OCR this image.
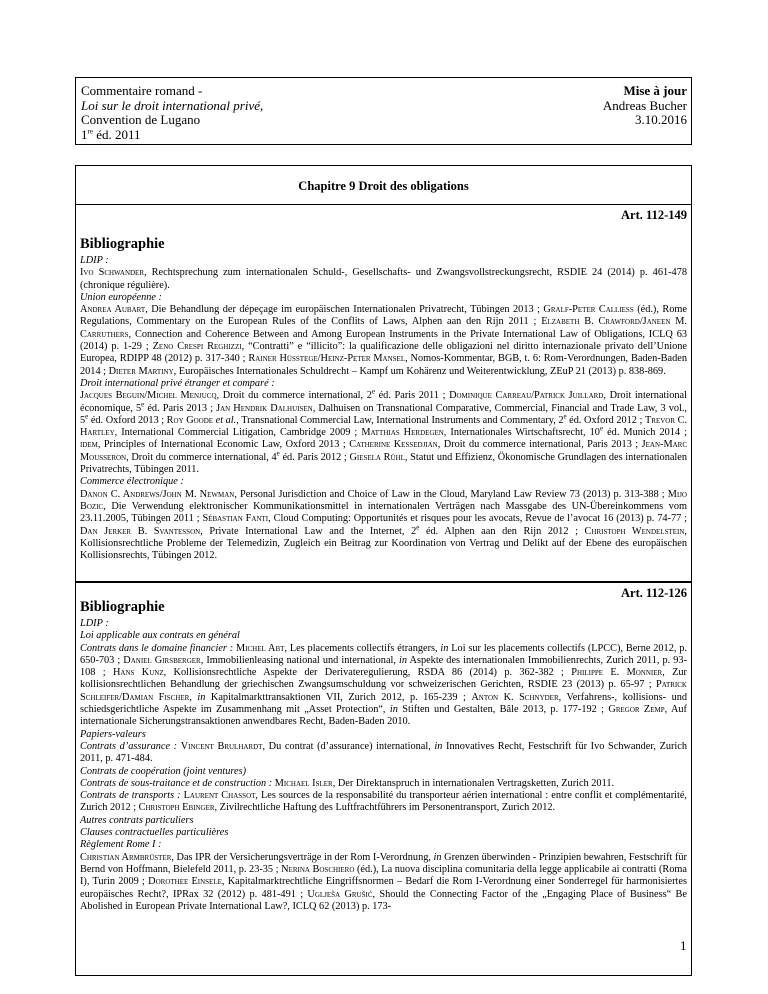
Commentaire romand -
Loi sur le droit international privé,
Convention de Lugano
1re éd. 2011
Mise à jour
Andreas Bucher
3.10.2016
Chapitre 9 Droit des obligations
Art. 112-149
Bibliographie

LDIP :

Ivo Schwander, Rechtsprechung zum internationalen Schuld-, Gesellschafts- und Zwangsvollstreckungsrecht, RSDIE 24 (2014) p. 461-478 (chronique régulière).

Union européenne :

Andrea Aubart, Die Behandlung der dépeçage im europäischen Internationalen Privatrecht, Tübingen 2013 ; Gralf-Peter Calliess (éd.), Rome Regulations, Commentary on the European Rules of the Conflits of Laws, Alphen aan den Rijn 2011 ; Elzabeth B. Crawford/Janeen M. Carruthers, Connection and Coherence Between and Among European Instruments in the Private International Law of Obligations, ICLQ 63 (2014) p. 1-29 ; Zeno Crespi Reghizzi, “Contratti” e “illicito”: la qualificazione delle obligazioni nel diritto internazionale privato dell’Unione Europea, RDIPP 48 (2012) p. 317-340 ; Rainer Hüsstege/Heinz-Peter Mansel, Nomos-Kommentar, BGB, t. 6: Rom-Verordnungen, Baden-Baden 2014 ; Dieter Martiny, Europäisches Internationales Schuldrecht – Kampf um Kohärenz und Weiterentwicklung, ZEuP 21 (2013) p. 838-869.

Droit international privé étranger et comparé :

Jacques Beguin/Michel Menjucq, Droit du commerce international, 2e éd. Paris 2011 ; Dominique Carreau/Patrick Juillard, Droit international économique, 5e éd. Paris 2013 ; Jan Hendrik Dalhuisen, Dalhuisen on Transnational Comparative, Commercial, Financial and Trade Law, 3 vol., 5e éd. Oxford 2013 ; Roy Goode et al., Transnational Commercial Law, International Instruments and Commentary, 2e éd. Oxford 2012 ; Trevor C. Hartley, International Commercial Litigation, Cambridge 2009 ; Matthias Herdegen, Internationales Wirtschaftsrecht, 10e éd. Munich 2014 ; idem, Principles of International Economic Law, Oxford 2013 ; Catherine Kessedjian, Droit du commerce international, Paris 2013 ; Jean-Marc Mousseron, Droit du commerce international, 4e éd. Paris 2012 ; Giesela Rühl, Statut und Effizienz, Ökonomische Grundlagen des internationalen Privatrechts, Tübingen 2011.

Commerce électronique :

Danon C. Andrews/John M. Newman, Personal Jurisdiction and Choice of Law in the Cloud, Maryland Law Review 73 (2013) p. 313-388 ; Mijo Bozic, Die Verwendung elektronischer Kommunikationsmittel in internationalen Verträgen nach Massgabe des UN-Übereinkommens vom 23.11.2005, Tübingen 2011 ; Sébastian Fanti, Cloud Computing: Opportunités et risques pour les avocats, Revue de l’avocat 16 (2013) p. 74-77 ; Dan Jerker B. Svantesson, Private International Law and the Internet, 2e éd. Alphen aan den Rijn 2012 ; Christoph Wendelstein, Kollisionsrechtliche Probleme der Telemedizin, Zugleich ein Beitrag zur Koordination von Vertrag und Delikt auf der Ebene des europäischen Kollisionsrechts, Tübingen 2012.

Art. 112-126
Bibliographie

LDIP :

Loi applicable aux contrats en général

Contrats dans le domaine financier : Michel Abt, Les placements collectifs étrangers, in Loi sur les placements collectifs (LPCC), Berne 2012, p. 650-703 ; Daniel Girsberger, Immobilienleasing national und international, in Aspekte des internationalen Immobilienrechts, Zurich 2011, p. 93-108 ; Hans Kunz, Kollisionsrechtliche Aspekte der Derivateregulierung, RSDA 86 (2014) p. 362-382 ; Philippe E. Monnier, Zur kollisionsrechtlichen Behandlung der griechischen Zwangsumschuldung vor schweizerischen Gerichten, RSDIE 23 (2013) p. 65-97 ; Patrick Schleifer/Damian Fischer, in Kapitalmarkttransaktionen VII, Zurich 2012, p. 165-239 ; Anton K. Schnyder, Verfahrens-, kollisions- und schiedsgerichtliche Aspekte im Zusammenhang mit „Asset Protection“, in Stiften und Gestalten, Bâle 2013, p. 177-192 ; Gregor Zemp, Auf internationale Sicherungstransaktionen anwendbares Recht, Baden-Baden 2010.

Papiers-valeurs

Contrats d’assurance : Vincent Brulhardt, Du contrat (d’assurance) international, in Innovatives Recht, Festschrift für Ivo Schwander, Zurich 2011, p. 471-484.

Contrats de coopération (joint ventures)

Contrats de sous-traitance et de construction : Michael Isler, Der Direktanspruch in internationalen Vertragsketten, Zurich 2011.

Contrats de transports : Laurent Chassot, Les sources de la responsabilité du transporteur aérien international : entre conflit et complémentarité, Zurich 2012 ; Christoph Ebinger, Zivilrechtliche Haftung des Luftfrachtführers im Personentransport, Zurich 2012.

Autres contrats particuliers

Clauses contractuelles particulières

Règlement Rome I :

Christian Armbrüster, Das IPR der Versicherungsverträge in der Rom I-Verordnung, in Grenzen überwinden - Prinzipien bewahren, Festschrift für Bernd von Hoffmann, Bielefeld 2011, p. 23-35 ; Nerina Boschiero (éd.), La nuova disciplina comunitaria della legge applicabile ai contratti (Roma I), Turin 2009 ; Dorothee Einsele, Kapitalmarktrechtliche Eingriffsnormen – Bedarf die Rom I-Verordnung einer Sonderregel für harmonisiertes europäisches Recht?, IPRax 32 (2012) p. 481-491 ; Uglješa Grušić, Should the Connecting Factor of the „Engaging Place of Business“ Be Abolished in European Private International Law?, ICLQ 62 (2013) p. 173-

1
